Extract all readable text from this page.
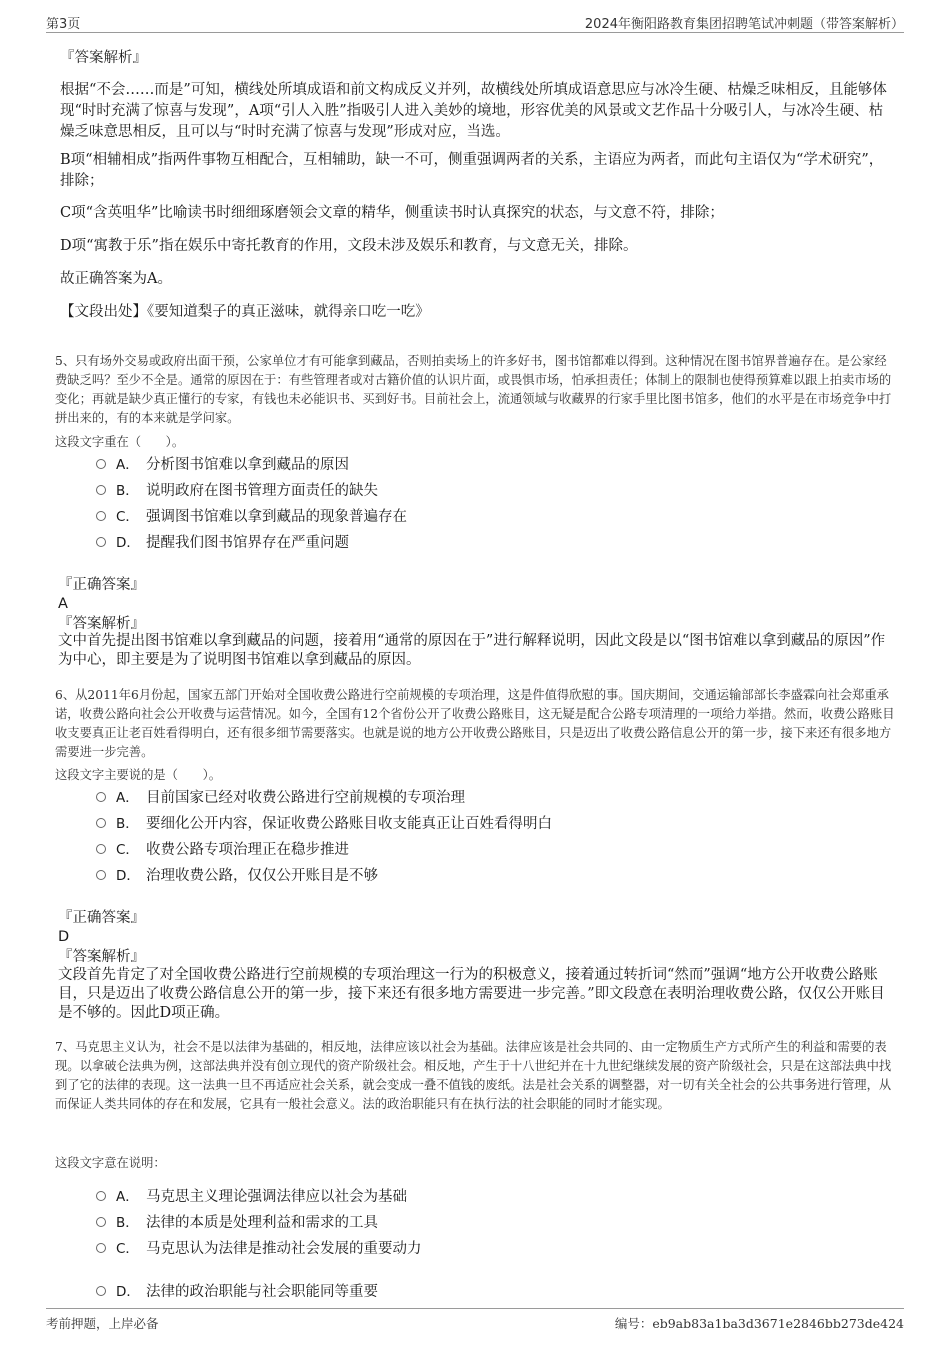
第3页	2024年衡阳路教育集团招聘笔试冲刺题（带答案解析）
『答案解析』
根据“不会……而是”可知，横线处所填成语和前文构成反义并列，故横线处所填成语意思应与冰冷生硬、枯燥乏味相反，且能够体现“时时充满了惊喜与发现”，A项“引人入胜”指吸引人进入美妙的境地，形容优美的风景或文艺作品十分吸引人，与冰冷生硬、枯燥乏味意思相反，且可以与“时时充满了惊喜与发现”形成对应，当选。
B项“相辅相成”指两件事物互相配合，互相辅助，缺一不可，侧重强调两者的关系，主语应为两者，而此句主语仅为“学术研究”，排除；
C项“含英咀华”比喻读书时细细琢磨领会文章的精华，侧重读书时认真探究的状态，与文意不符，排除；
D项“寓教于乐”指在娱乐中寄托教育的作用，文段未涉及娱乐和教育，与文意无关，排除。
故正确答案为A。
【文段出处】《要知道梨子的真正滋味，就得亲口吃一吃》
5、只有场外交易或政府出面干预，公家单位才有可能拿到藏品，否则拍卖场上的许多好书，图书馆都难以得到。这种情况在图书馆界普遍存在。是公家经费缺乏吗？至少不全是。通常的原因在于：有些管理者或对古籍价值的认识片面，或畏惧市场，怕承担责任；体制上的限制也使得预算难以跟上拍卖市场的变化；再就是缺少真正懂行的专家，有钱也未必能识书、买到好书。目前社会上，流通领域与收藏界的行家手里比图书馆多，他们的水平是在市场竞争中打拼出来的，有的本来就是学问家。
这段文字重在（　　）。
A． 分析图书馆难以拿到藏品的原因
B． 说明政府在图书管理方面责任的缺失
C． 强调图书馆难以拿到藏品的现象普遍存在
D． 提醒我们图书馆界存在严重问题
『正确答案』
A
『答案解析』
文中首先提出图书馆难以拿到藏品的问题，接着用“通常的原因在于”进行解释说明，因此文段是以“图书馆难以拿到藏品的原因”作为中心，即主要是为了说明图书馆难以拿到藏品的原因。
6、从2011年6月份起，国家五部门开始对全国收费公路进行空前规模的专项治理，这是件值得欣慰的事。国庆期间，交通运输部部长李盛霖向社会郑重承诺，收费公路向社会公开收费与运营情况。如今，全国有12个省份公开了收费公路账目，这无疑是配合公路专项清理的一项给力举措。然而，收费公路账目收支要真正让老百姓看得明白，还有很多细节需要落实。也就是说的地方公开收费公路账目，只是迈出了收费公路信息公开的第一步，接下来还有很多地方需要进一步完善。
这段文字主要说的是（　　）。
A． 目前国家已经对收费公路进行空前规模的专项治理
B． 要细化公开内容，保证收费公路账目收支能真正让百姓看得明白
C． 收费公路专项治理正在稳步推进
D． 治理收费公路，仅仅公开账目是不够
『正确答案』
D
『答案解析』
文段首先肯定了对全国收费公路进行空前规模的专项治理这一行为的积极意义，接着通过转折词“然而”强调“地方公开收费公路账目，只是迈出了收费公路信息公开的第一步，接下来还有很多地方需要进一步完善。”即文段意在表明治理收费公路，仅仅公开账目是不够的。因此D项正确。
7、马克思主义认为，社会不是以法律为基础的，相反地，法律应该以社会为基础。法律应该是社会共同的、由一定物质生产方式所产生的利益和需要的表现。以拿破仑法典为例，这部法典并没有创立现代的资产阶级社会。相反地，产生于十八世纪并在十九世纪继续发展的资产阶级社会，只是在这部法典中找到了它的法律的表现。这一法典一旦不再适应社会关系，就会变成一叠不值钱的废纸。法是社会关系的调整器，对一切有关全社会的公共事务进行管理，从而保证人类共同体的存在和发展，它具有一般社会意义。法的政治职能只有在执行法的社会职能的同时才能实现。
这段文字意在说明：
A． 马克思主义理论强调法律应以社会为基础
B． 法律的本质是处理利益和需求的工具
C． 马克思认为法律是推动社会发展的重要动力
D． 法律的政治职能与社会职能同等重要
考前押题，上岸必备	编号：eb9ab83a1ba3d3671e2846bb273de424
